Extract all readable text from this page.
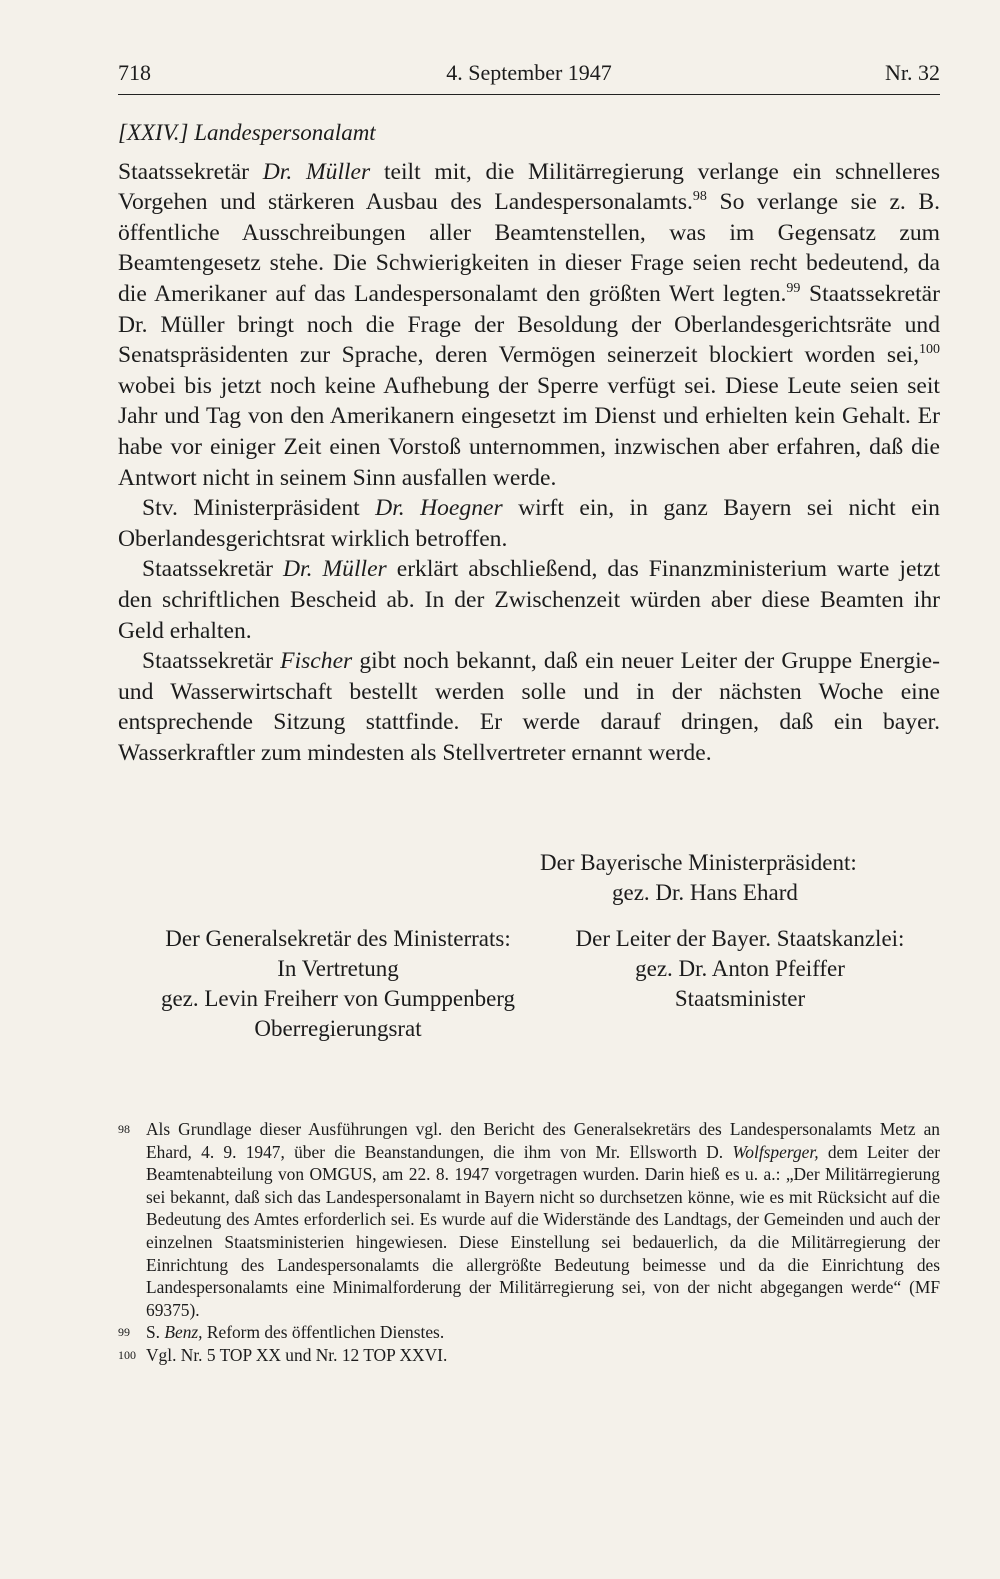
718	4. September 1947	Nr. 32

[XXIV.] Landespersonalamt

Staatssekretär Dr. Müller teilt mit, die Militärregierung verlange ein schnelleres Vorgehen und stärkeren Ausbau des Landespersonalamts.$^{98}$ So verlange sie z. B. öffentliche Ausschreibungen aller Beamtenstellen, was im Gegensatz zum Beamtengesetz stehe. Die Schwierigkeiten in dieser Frage seien recht bedeutend, da die Amerikaner auf das Landespersonalamt den größten Wert legten.$^{99}$ Staatssekretär Dr. Müller bringt noch die Frage der Besoldung der Oberlandesgerichtsräte und Senatspräsidenten zur Sprache, deren Vermögen seinerzeit blockiert worden sei,$^{100}$ wobei bis jetzt noch keine Aufhebung der Sperre verfügt sei. Diese Leute seien seit Jahr und Tag von den Amerikanern eingesetzt im Dienst und erhielten kein Gehalt. Er habe vor einiger Zeit einen Vorstoß unternommen, inzwischen aber erfahren, daß die Antwort nicht in seinem Sinn ausfallen werde.

Stv. Ministerpräsident Dr. Hoegner wirft ein, in ganz Bayern sei nicht ein Oberlandesgerichtsrat wirklich betroffen.

Staatssekretär Dr. Müller erklärt abschließend, das Finanzministerium warte jetzt den schriftlichen Bescheid ab. In der Zwischenzeit würden aber diese Beamten ihr Geld erhalten.

Staatssekretär Fischer gibt noch bekannt, daß ein neuer Leiter der Gruppe Energie- und Wasserwirtschaft bestellt werden solle und in der nächsten Woche eine entsprechende Sitzung stattfinde. Er werde darauf dringen, daß ein bayer. Wasserkraftler zum mindesten als Stellvertreter ernannt werde.

Der Bayerische Ministerpräsident:
gez. Dr. Hans Ehard
Der Generalsekretär des Ministerrats:
In Vertretung
gez. Levin Freiherr von Gumppenberg
Oberregierungsrat
Der Leiter der Bayer. Staatskanzlei:
gez. Dr. Anton Pfeiffer
Staatsminister

98 Als Grundlage dieser Ausführungen vgl. den Bericht des Generalsekretärs des Landespersonalamts Metz an Ehard, 4. 9. 1947, über die Beanstandungen, die ihm von Mr. Ellsworth D. Wolfsperger, dem Leiter der Beamtenabteilung von OMGUS, am 22. 8. 1947 vorgetragen wurden. Darin hieß es u. a.: „Der Militärregierung sei bekannt, daß sich das Landespersonalamt in Bayern nicht so durchsetzen könne, wie es mit Rücksicht auf die Bedeutung des Amtes erforderlich sei. Es wurde auf die Widerstände des Landtags, der Gemeinden und auch der einzelnen Staatsministerien hingewiesen. Diese Einstellung sei bedauerlich, da die Militärregierung der Einrichtung des Landespersonalamts die allergrößte Bedeutung beimesse und da die Einrichtung des Landespersonalamts eine Minimalforderung der Militärregierung sei, von der nicht abgegangen werde“ (MF 69375).

99 S. Benz, Reform des öffentlichen Dienstes.

100 Vgl. Nr. 5 TOP XX und Nr. 12 TOP XXVI.
